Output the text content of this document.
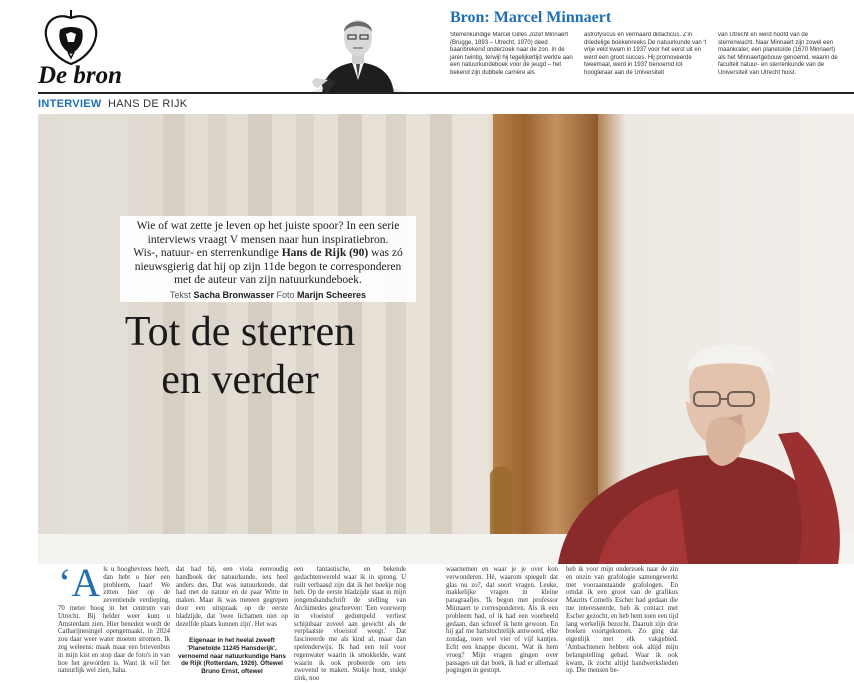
De bron
Bron: Marcel Minnaert
Sterrenkundige Marcel Gilles Jozef Minnaert (Brugge, 1893 – Utrecht, 1970) deed baanbrekend onderzoek naar de zon. In de jaren twintig, terwijl hij tegelijkertijd werkte aan een natuurkundeboek voor de jeugd – het bekend zijn dubbele carrière als
astrofysicus en vermaard didacticus. Z'in driedelige boekenreeks De natuurkunde van 't vrije veld kwam in 1937 voor het eerst uit en werd een groot succes. Hij promoveerde tweemaal, werd in 1937 benoemd tot hoogleraar aan de Universiteit
van Utrecht en werd hoofd van de sterrenwacht. Naar Minnaert zijn zowel een maankrater, een planetoïde (1670 Minnaert) als het Minnaertgebouw genoemd, waarin de faculteit natuur- en sterrenkunde van de Universiteit van Utrecht huist.
INTERVIEW HANS DE RIJK
Wie of wat zette je leven op het juiste spoor? In een serie interviews vraagt V mensen naar hun inspiratiebron.
Wis-, natuur- en sterrenkundige Hans de Rijk (90) was zó nieuwsgierig dat hij op zijn 11de begon te corresponderen met de auteur van zijn natuurkundeboek.
Tekst Sacha Bronwasser Foto Marijn Scheeres
Tot de sterren
en verder
‘Als u hoogbevrees heeft, dan hebt u hier een probleem, haar! We zitten hier op de zeventiende verdieping, 70 meter hoog in het centrum van Utrecht. Bij helder weer kunt u Amsterdam zien. Hier beneden wordt de Catharijnesingel opengemaakt, in 2024 zou daar weer water moeten stromen. Ik zeg weleens: maak maar een brievenbus in mijn kist en stop daar de foto's in van hoe het geworden is. Want ik wil het natuurlijk wel zien, haha.
dat had hij, een viola eenvoudig handboek der natuurkunde, iets heel anders dus. Dat was natuurkunde, dat had met de natuur en de paar Witte in maken. Maar ik was meteen gegrepen door een uitspraak op de eerste bladzijde, dat 'twee lichamen niet op dezelfde plaats kunnen zijn'. Het was
Eigenaar in het heelal zweeft 'Planetoïde 11245 Hansderijk', vernoemd naar natuurkundige Hans de Rijk (Rotterdam, 1926). Oftewel Bruno Ernst, oftewel
een fantastische, en bekende gedachtenwereld waar ik in sprong. U ruilt verbaasd zijn dat ik het boekje nog heb. Op de eerste bladzijde staat in mijn jongenshandschrift de stelling van Archimedes geschreven: 'Een voorwerp in vloeistof gedompeld verliest schijnbaar zoveel aan gewicht als de verplaatste vloeistof weegt.' Dat fascineerde me als kind al, maar dan spelenderwijs. Ik had een teil voor regenwater waarin ik smokkelde, want waarin ik ook probeerde om iets zwevend te maken. Stukje hout, stukje zink, noo
waarnemen en waar je je over kon verwonderen. Hé, waarom spiegelt dat glas nu zo?, dat soort vragen. Leuke, makkelijke vragen in kleine paragraafjes. 'Ik begon met professor Minnaert te corresponderen. Als ik een probleem had, of ik had een voorbeeld gedaan, dan schreef ik hem gewoon. En hij gaf me hartstochtelijk antwoord, elke zondag, toen wel vier of vijf kantjes. Echt een knappe docent. 'Wat ik hem vroeg? Mijn vragen gingen over passages uit dat boek, ik had er allemaal pogingen in gestopt.
heb ik voor mijn onderzoek naar de zin en onzin van grafologie samengewerkt met vooraanstaande grafologen. En omdat ik een groot van de grafikus Maurits Cornelis Escher had gedaan die me interesseerde, heb ik contact met Escher gezocht, en heb hem toen een tijd lang werkelijk bezocht. Daaruit zijn drie boeken voortgekomen. Zo ging dat eigenlijk met elk vakgebied. 'Ambachtenen hebben ook altijd mijn belangstelling gehad. Waar ik ook kwam, ik zocht altijd handwerkslieden op. Die mensen be-
